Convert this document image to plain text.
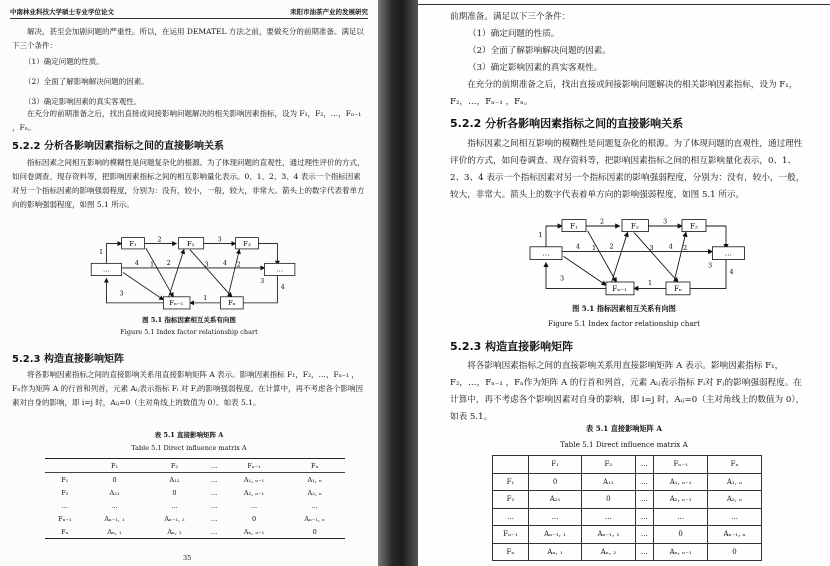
中南林业科技大学硕士专业学位论文	耒阳市油茶产业的发展研究

解决，甚至会加剧问题的严重性。所以，在运用 DEMATEL 方法之前，要做充分的前期准备。满足以下三个条件：

（1）确定问题的性质。

（2）全面了解影响解决问题的因素。

（3）确定影响因素的真实客观性。

在充分的前期准备之后，找出直接或间接影响问题解决的相关影响因素指标，设为 F₁，F₂，…，Fₙ₋₁ ，Fₙ。

5.2.2 分析各影响因素指标之间的直接影响关系

指标因素之间相互影响的模糊性是问题复杂化的根源。为了体现问题的直观性，通过理性评价的方式，如问卷调查、现存资料等，把影响因素指标之间的相互影响量化表示。0、1、2、3、4 表示一个指标因素对另一个指标因素的影响强弱程度，分别为：没有，较小，一般，较大，非常大。箭头上的数字代表着单方向的影响强弱程度，如图 5.1 所示。

F₁	F₂	F₃
…	…
Fₙ₋₁	Fₙ
1
2	3
4 1 2	3 4 2
3
4
3
1

图 5.1 指标因素相互关系有向图

Figure 5.1 Index factor relationship chart

5.2.3 构造直接影响矩阵

将各影响因素指标之间的直接影响关系用直接影响矩阵 A 表示。影响因素指标 F₁，F₂，…，Fₙ₋₁ ，Fₙ作为矩阵 A 的行首和列首，元素 Aᵢⱼ表示指标 Fᵢ 对 Fⱼ的影响强弱程度。在计算中，再不考虑各个影响因素对自身的影响，即 i=j 时，Aᵢⱼ=0（主对角线上的数值为 0）。如表 5.1。

表 5.1 直接影响矩阵 A

Table 5.1 Direct influence matrix A

	F₁	F₂	…	Fₙ₋₁	Fₙ
F₁	0	A₁₂	…	A₁, ₙ₋₁	A₁, ₙ
F₂	A₂₁	0	…	A₂, ₙ₋₁	A₂, ₙ
…	…	…	…	…	…
Fₙ₋₁	Aₙ₋₁, ₁	Aₙ₋₁, ₂	…	0	Aₙ₋₁, ₙ
Fₙ	Aₙ, ₁	Aₙ, ₂	…	Aₙ, ₙ₋₁	0
35

前期准备。满足以下三个条件：

（1）确定问题的性质。

（2）全面了解影响解决问题的因素。

（3）确定影响因素的真实客观性。

在充分的前期准备之后，找出直接或间接影响问题解决的相关影响因素指标，设为 F₁，F₂，…，Fₙ₋₁ ，Fₙ。

5.2.2 分析各影响因素指标之间的直接影响关系

指标因素之间相互影响的模糊性是问题复杂化的根源。为了体现问题的直观性，通过理性评价的方式，如问卷调查、现存资料等，把影响因素指标之间的相互影响量化表示，0、1、2、3、4 表示一个指标因素对另一个指标因素的影响强弱程度，分别为：没有，较小，一般，较大，非常大。箭头上的数字代表着单方向的影响强弱程度，如图 5.1 所示。

F₁	F₂	F₃
…	…
Fₙ₋₁	Fₙ
1
2	3
4 1 2	3 4 2
3
4
3
1

图 5.1 指标因素相互关系有向图

Figure 5.1 Index factor relationship chart

5.2.3 构造直接影响矩阵

将各影响因素指标之间的直接影响关系用直接影响矩阵 A 表示。影响因素指标 F₁，F₂，…，Fₙ₋₁ ，Fₙ作为矩阵 A 的行首和列首，元素 Aᵢⱼ表示指标 Fᵢ对 Fⱼ的影响强弱程度。在计算中，再不考虑各个影响因素对自身的影响，即 i=j 时，Aᵢⱼ=0（主对角线上的数值为 0），如表 5.1。

表 5.1 直接影响矩阵 A

Table 5.1 Direct influence matrix A

	F₁	F₂	…	Fₙ₋₁	Fₙ
F₁	0	A₁₂	…	A₁, ₙ₋₁	A₁, ₙ
F₂	A₂₁	0	…	A₂, ₙ₋₁	A₂, ₙ
…	…	…	…	…	…
Fₙ₋₁	Aₙ₋₁, ₁	Aₙ₋₁, ₂	…	0	Aₙ₋₁, ₙ
Fₙ	Aₙ, ₁	Aₙ, ₂	…	Aₙ, ₙ₋₁	0
